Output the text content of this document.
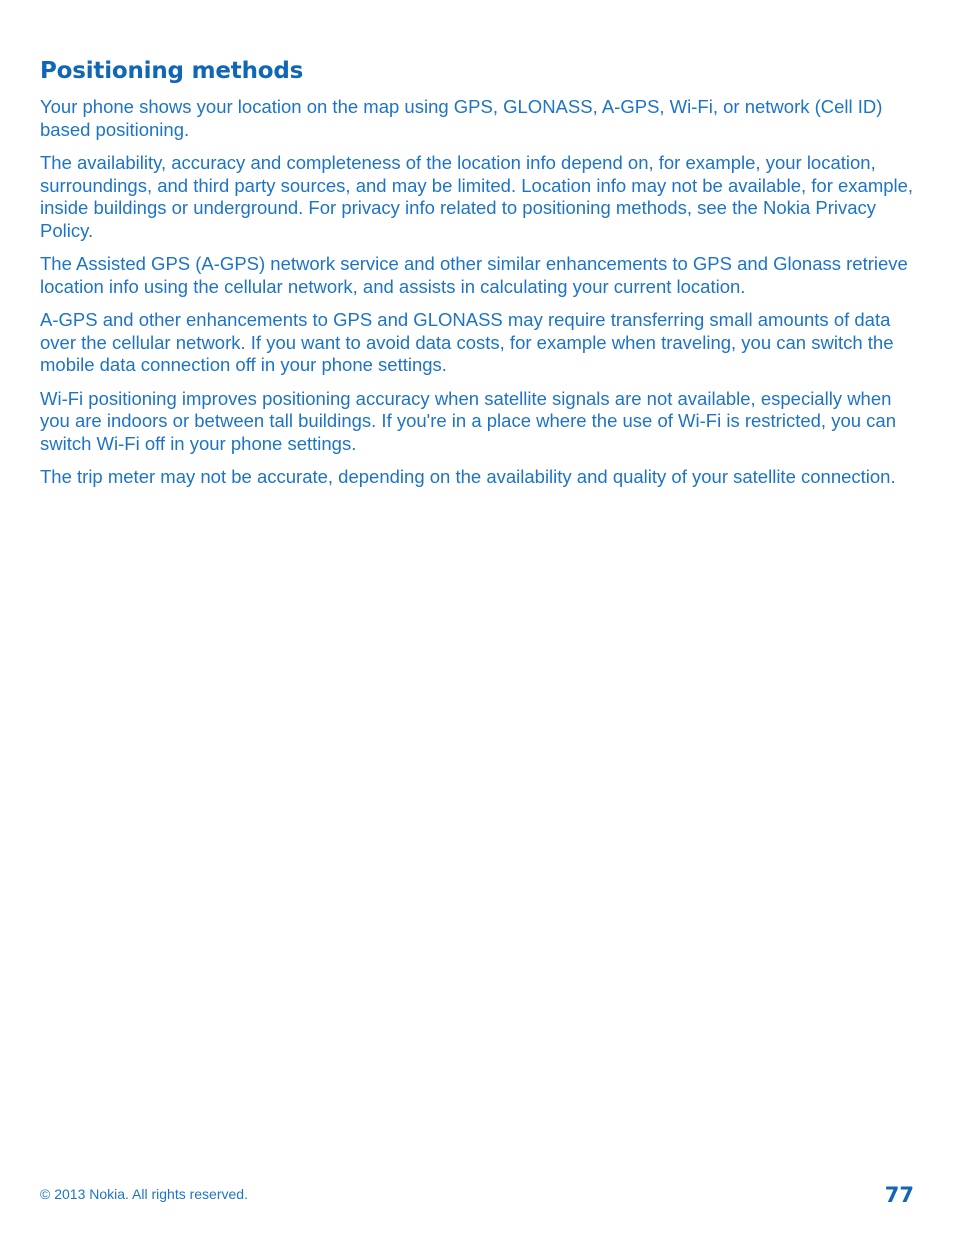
Positioning methods

Your phone shows your location on the map using GPS, GLONASS, A-GPS, Wi-Fi, or network (Cell ID) based positioning.

The availability, accuracy and completeness of the location info depend on, for example, your location, surroundings, and third party sources, and may be limited. Location info may not be available, for example, inside buildings or underground. For privacy info related to positioning methods, see the Nokia Privacy Policy.

The Assisted GPS (A-GPS) network service and other similar enhancements to GPS and Glonass retrieve location info using the cellular network, and assists in calculating your current location.

A-GPS and other enhancements to GPS and GLONASS may require transferring small amounts of data over the cellular network. If you want to avoid data costs, for example when traveling, you can switch the mobile data connection off in your phone settings.

Wi-Fi positioning improves positioning accuracy when satellite signals are not available, especially when you are indoors or between tall buildings. If you're in a place where the use of Wi-Fi is restricted, you can switch Wi-Fi off in your phone settings.

The trip meter may not be accurate, depending on the availability and quality of your satellite connection.

© 2013 Nokia. All rights reserved.	77
